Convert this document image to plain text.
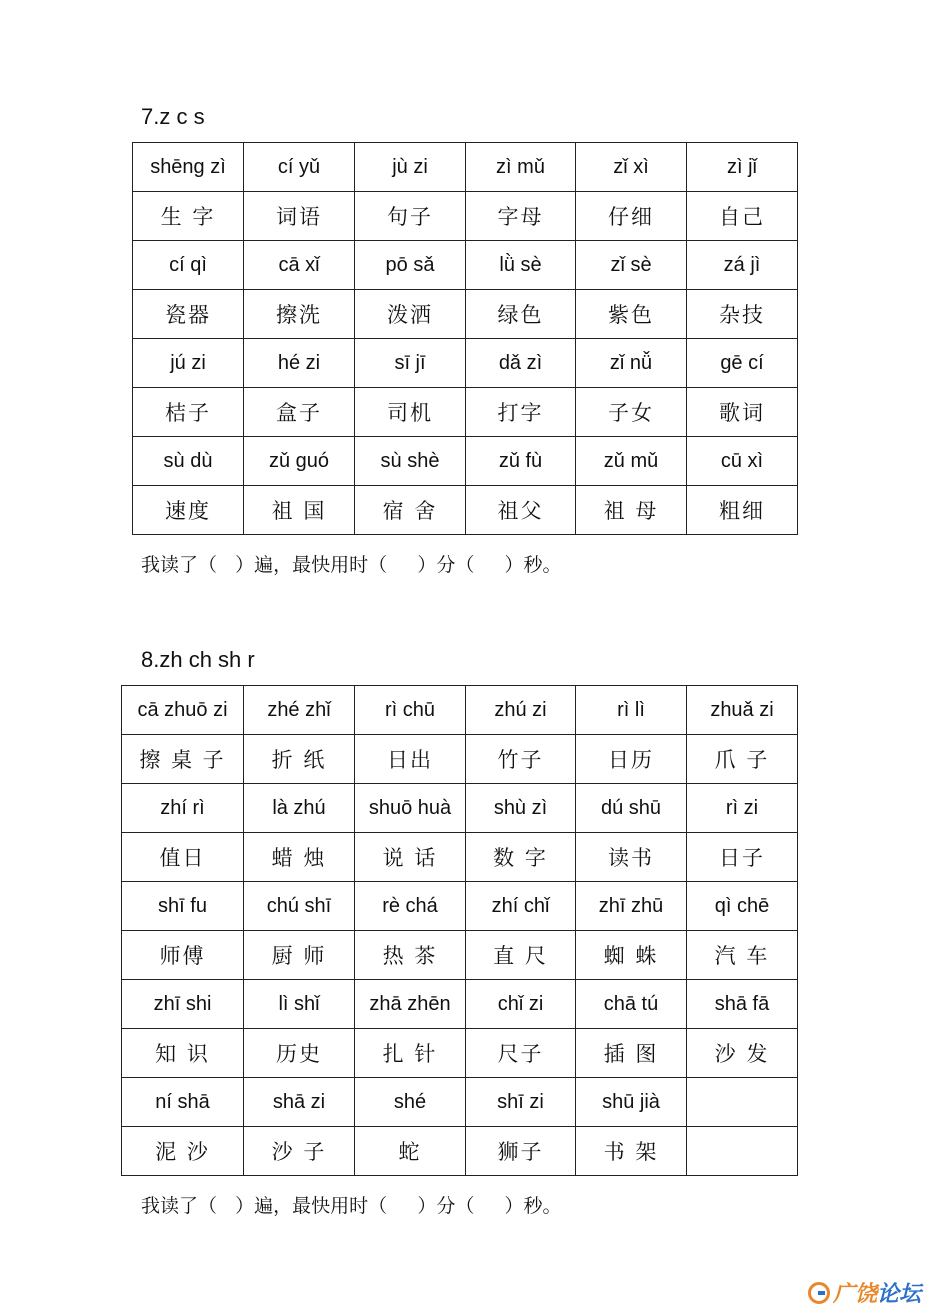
7.z c s
shēng zì	cí yǔ	jù zi	zì mǔ	zǐ xì	zì jǐ
生 字	词语	句子	字母	仔细	自己
cí qì	cā xǐ	pō sǎ	lǜ sè	zǐ sè	zá jì
瓷器	擦洗	泼洒	绿色	紫色	杂技
jú zi	hé zi	sī jī	dǎ zì	zǐ nǚ	gē cí
桔子	盒子	司机	打字	子女	歌词
sù dù	zǔ guó	sù shè	zǔ fù	zǔ mǔ	cū xì
速度	祖 国	宿 舍	祖父	祖 母	粗细
我读了（   ）遍，最快用时（     ）分（     ）秒。
8.zh ch sh r
cā zhuō zi	zhé zhǐ	rì chū	zhú zi	rì lì	zhuǎ zi
擦 桌 子	折 纸	日出	竹子	日历	爪 子
zhí rì	là zhú	shuō huà	shù zì	dú shū	rì zi
值日	蜡 烛	说 话	数 字	读书	日子
shī fu	chú shī	rè chá	zhí chǐ	zhī zhū	qì chē
师傅	厨 师	热 茶	直 尺	蜘 蛛	汽 车
zhī shi	lì shǐ	zhā zhēn	chǐ zi	chā tú	shā fā
知 识	历史	扎 针	尺子	插 图	沙 发
ní shā	shā zi	shé	shī zi	shū jià	
泥 沙	沙 子	蛇	狮子	书 架	
我读了（   ）遍，最快用时（     ）分（     ）秒。
广饶论坛
